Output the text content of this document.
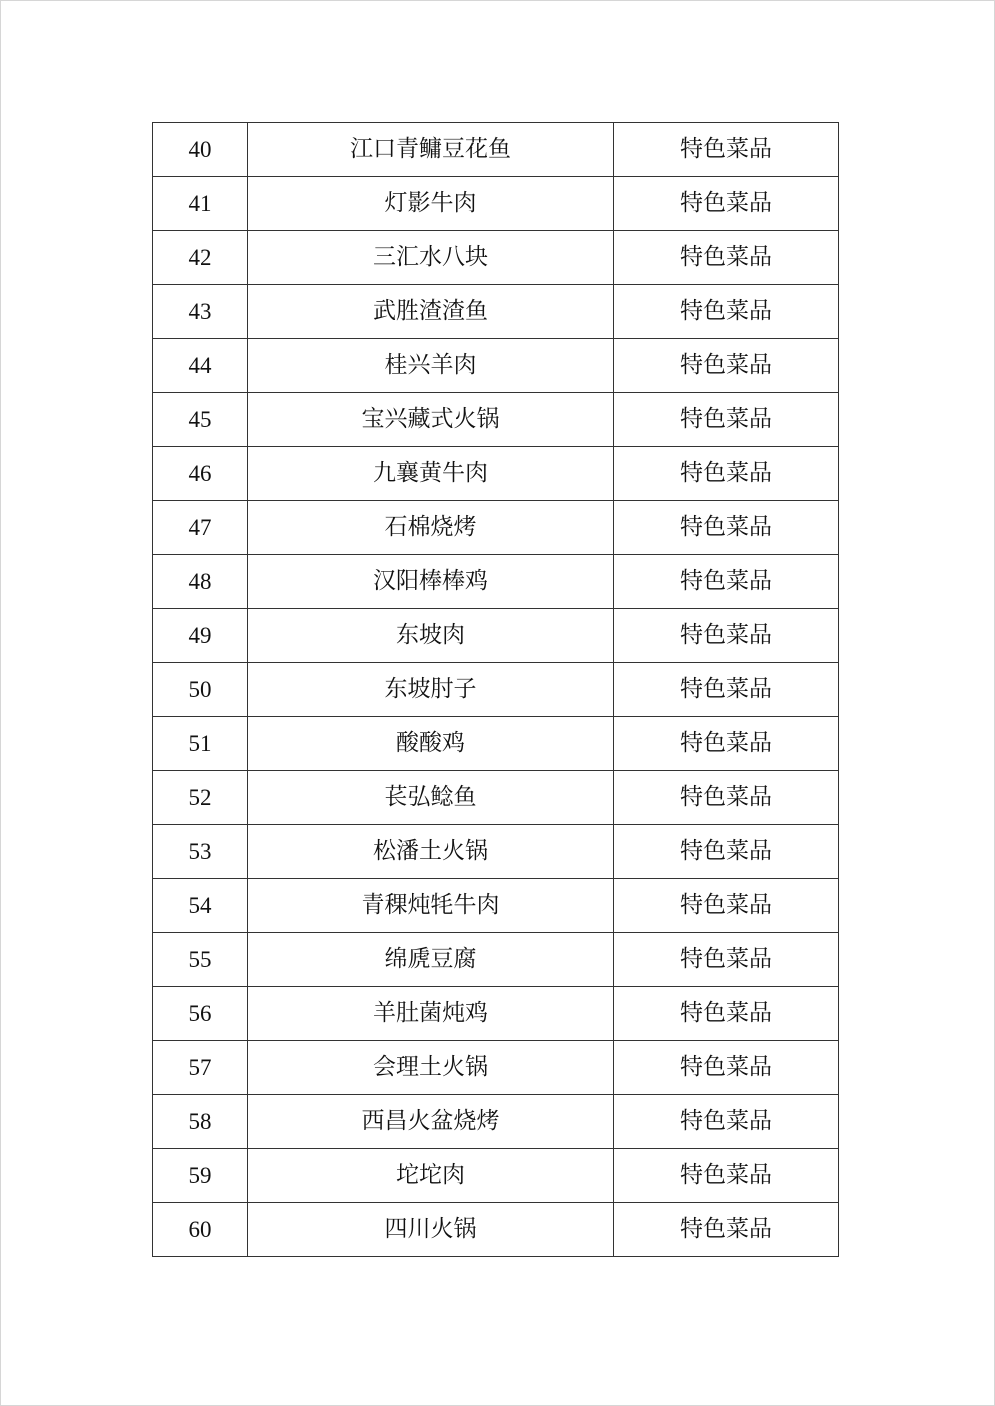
40	江口青鳙豆花鱼	特色菜品
41	灯影牛肉	特色菜品
42	三汇水八块	特色菜品
43	武胜渣渣鱼	特色菜品
44	桂兴羊肉	特色菜品
45	宝兴藏式火锅	特色菜品
46	九襄黄牛肉	特色菜品
47	石棉烧烤	特色菜品
48	汉阳棒棒鸡	特色菜品
49	东坡肉	特色菜品
50	东坡肘子	特色菜品
51	酸酸鸡	特色菜品
52	苌弘鲶鱼	特色菜品
53	松潘土火锅	特色菜品
54	青稞炖牦牛肉	特色菜品
55	绵虒豆腐	特色菜品
56	羊肚菌炖鸡	特色菜品
57	会理土火锅	特色菜品
58	西昌火盆烧烤	特色菜品
59	坨坨肉	特色菜品
60	四川火锅	特色菜品
